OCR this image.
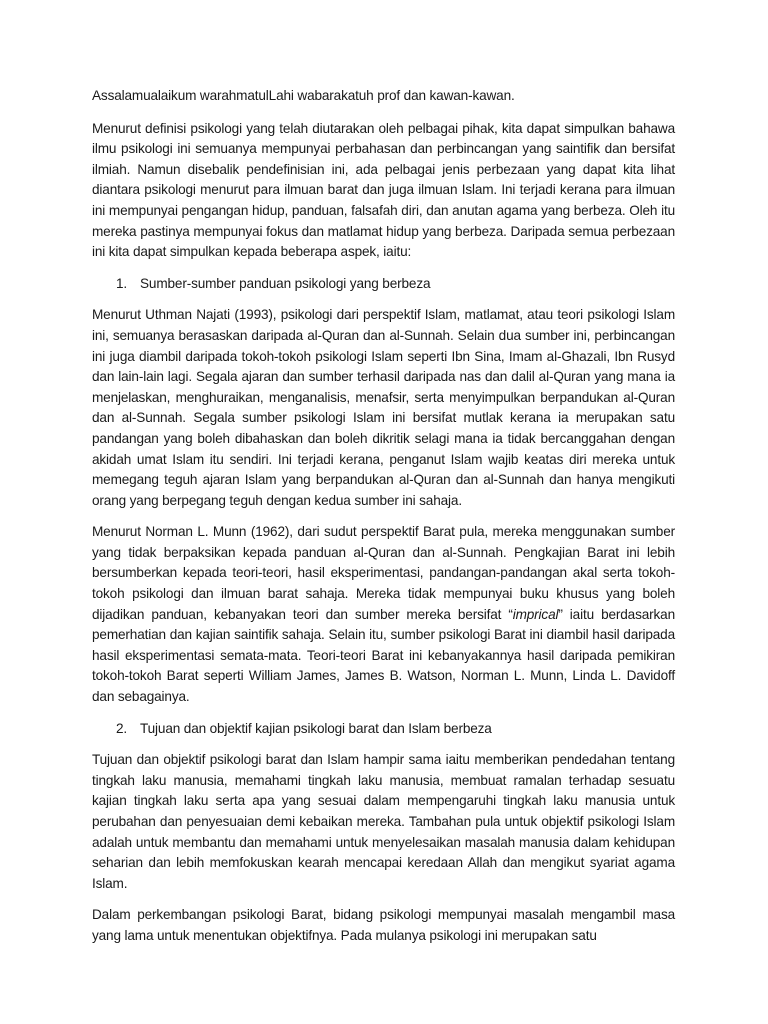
Assalamualaikum warahmatulLahi wabarakatuh prof dan kawan-kawan.

Menurut definisi psikologi yang telah diutarakan oleh pelbagai pihak, kita dapat simpulkan bahawa ilmu psikologi ini semuanya mempunyai perbahasan dan perbincangan yang saintifik dan bersifat ilmiah. Namun disebalik pendefinisian ini, ada pelbagai jenis perbezaan yang dapat kita lihat diantara psikologi menurut para ilmuan barat dan juga ilmuan Islam. Ini terjadi kerana para ilmuan ini mempunyai pengangan hidup, panduan, falsafah diri, dan anutan agama yang berbeza. Oleh itu mereka pastinya mempunyai fokus dan matlamat hidup yang berbeza. Daripada semua perbezaan ini kita dapat simpulkan kepada beberapa aspek, iaitu:

1. Sumber-sumber panduan psikologi yang berbeza

Menurut Uthman Najati (1993), psikologi dari perspektif Islam, matlamat, atau teori psikologi Islam ini, semuanya berasaskan daripada al-Quran dan al-Sunnah. Selain dua sumber ini, perbincangan ini juga diambil daripada tokoh-tokoh psikologi Islam seperti Ibn Sina, Imam al-Ghazali, Ibn Rusyd dan lain-lain lagi. Segala ajaran dan sumber terhasil daripada nas dan dalil al-Quran yang mana ia menjelaskan, menghuraikan, menganalisis, menafsir, serta menyimpulkan berpandukan al-Quran dan al-Sunnah. Segala sumber psikologi Islam ini bersifat mutlak kerana ia merupakan satu pandangan yang boleh dibahaskan dan boleh dikritik selagi mana ia tidak bercanggahan dengan akidah umat Islam itu sendiri. Ini terjadi kerana, penganut Islam wajib keatas diri mereka untuk memegang teguh ajaran Islam yang berpandukan al-Quran dan al-Sunnah dan hanya mengikuti orang yang berpegang teguh dengan kedua sumber ini sahaja.

Menurut Norman L. Munn (1962), dari sudut perspektif Barat pula, mereka menggunakan sumber yang tidak berpaksikan kepada panduan al-Quran dan al-Sunnah. Pengkajian Barat ini lebih bersumberkan kepada teori-teori, hasil eksperimentasi, pandangan-pandangan akal serta tokoh-tokoh psikologi dan ilmuan barat sahaja. Mereka tidak mempunyai buku khusus yang boleh dijadikan panduan, kebanyakan teori dan sumber mereka bersifat “imprical” iaitu berdasarkan pemerhatian dan kajian saintifik sahaja. Selain itu, sumber psikologi Barat ini diambil hasil daripada hasil eksperimentasi semata-mata. Teori-teori Barat ini kebanyakannya hasil daripada pemikiran tokoh-tokoh Barat seperti William James, James B. Watson, Norman L. Munn, Linda L. Davidoff dan sebagainya.

2. Tujuan dan objektif kajian psikologi barat dan Islam berbeza

Tujuan dan objektif psikologi barat dan Islam hampir sama iaitu memberikan pendedahan tentang tingkah laku manusia, memahami tingkah laku manusia, membuat ramalan terhadap sesuatu kajian tingkah laku serta apa yang sesuai dalam mempengaruhi tingkah laku manusia untuk perubahan dan penyesuaian demi kebaikan mereka. Tambahan pula untuk objektif psikologi Islam adalah untuk membantu dan memahami untuk menyelesaikan masalah manusia dalam kehidupan seharian dan lebih memfokuskan kearah mencapai keredaan Allah dan mengikut syariat agama Islam.

Dalam perkembangan psikologi Barat, bidang psikologi mempunyai masalah mengambil masa yang lama untuk menentukan objektifnya. Pada mulanya psikologi ini merupakan satu
